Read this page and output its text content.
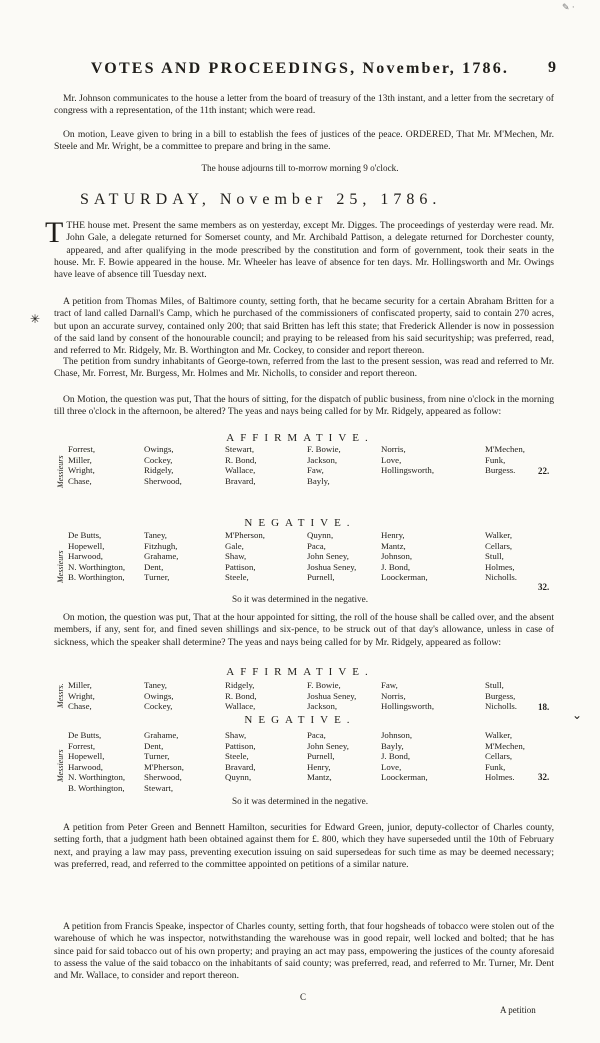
✎ ·
VOTES AND PROCEEDINGS, November, 1786.	9
Mr. Johnson communicates to the house a letter from the board of treasury of the 13th instant, and a letter from the secretary of congress with a representation, of the 11th instant; which were read.
On motion, Leave given to bring in a bill to establish the fees of justices of the peace. ORDERED, That Mr. M'Mechen, Mr. Steele and Mr. Wright, be a committee to prepare and bring in the same.
The house adjourns till to-morrow morning 9 o'clock.
SATURDAY, November 25, 1786.
TTHE house met. Present the same members as on yesterday, except Mr. Digges. The proceedings of yesterday were read. Mr. John Gale, a delegate returned for Somerset county, and Mr. Archibald Pattison, a delegate returned for Dorchester county, appeared, and after qualifying in the mode prescribed by the constitution and form of government, took their seats in the house. Mr. F. Bowie appeared in the house. Mr. Wheeler has leave of absence for ten days. Mr. Hollingsworth and Mr. Owings have leave of absence till Tuesday next.
A petition from Thomas Miles, of Baltimore county, setting forth, that he became security for a certain Abraham Britten for a tract of land called Darnall's Camp, which he purchased of the commissioners of confiscated property, said to contain 270 acres, but upon an accurate survey, contained only 200; that said Britten has left this state; that Frederick Allender is now in possession of the said land by consent of the honourable council; and praying to be released from his said securityship; was preferred, read, and referred to Mr. Ridgely, Mr. B. Worthington and Mr. Cockey, to consider and report thereon.
The petition from sundry inhabitants of George-town, referred from the last to the present session, was read and referred to Mr. Chase, Mr. Forrest, Mr. Burgess, Mr. Holmes and Mr. Nicholls, to consider and report thereon.
On Motion, the question was put, That the hours of sitting, for the dispatch of public business, from nine o'clock in the morning till three o'clock in the afternoon, be altered? The yeas and nays being called for by Mr. Ridgely, appeared as follow:
AFFIRMATIVE.
Messieurs
Forrest,	Owings,	Stewart,	F. Bowie,	Norris,	M'Mechen,
Miller,	Cockey,	R. Bond,	Jackson,	Love,	Funk,
Wright,	Ridgely,	Wallace,	Faw,	Hollingsworth,	Burgess.
Chase,	Sherwood,	Bravard,	Bayly,		
22.
NEGATIVE.
Messieurs
De Butts,	Taney,	M'Pherson,	Quynn,	Henry,	Walker,
Hopewell,	Fitzhugh,	Gale,	Paca,	Mantz,	Cellars,
Harwood,	Grahame,	Shaw,	John Seney,	Johnson,	Stull,
N. Worthington,	Dent,	Pattison,	Joshua Seney,	J. Bond,	Holmes,
B. Worthington,	Turner,	Steele,	Purnell,	Loockerman,	Nicholls.
32.
So it was determined in the negative.
On motion, the question was put, That at the hour appointed for sitting, the roll of the house shall be called over, and the absent members, if any, sent for, and fined seven shillings and six-pence, to be struck out of that day's allowance, unless in case of sickness, which the speaker shall determine? The yeas and nays being called for by Mr. Ridgely, appeared as follow:
AFFIRMATIVE.
Messrs. Miller,	Taney,	Ridgely,	F. Bowie,	Faw,	Stull,
Wright,	Owings,	R. Bond,	Joshua Seney,	Norris,	Burgess,
Chase,	Cockey,	Wallace,	Jackson,	Hollingsworth,	Nicholls. 18.
NEGATIVE.
Messieurs
De Butts,	Grahame,	Shaw,	Paca,	Johnson,	Walker,
Forrest,	Dent,	Pattison,	John Seney,	Bayly,	M'Mechen,
Hopewell,	Turner,	Steele,	Purnell,	J. Bond,	Cellars,
Harwood,	M'Pherson,	Bravard,	Henry,	Love,	Funk,
N. Worthington,	Sherwood,	Quynn,	Mantz,	Loockerman,	Holmes.
B. Worthington,	Stewart,				
32.
So it was determined in the negative.
A petition from Peter Green and Bennett Hamilton, securities for Edward Green, junior, deputy-collector of Charles county, setting forth, that a judgment hath been obtained against them for £. 800, which they have superseded until the 10th of February next, and praying a law may pass, preventing execution issuing on said supersedeas for such time as may be deemed necessary; was preferred, read, and referred to the committee appointed on petitions of a similar nature.
A petition from Francis Speake, inspector of Charles county, setting forth, that four hogsheads of tobacco were stolen out of the warehouse of which he was inspector, notwithstanding the warehouse was in good repair, well locked and bolted; that he has since paid for said tobacco out of his own property; and praying an act may pass, empowering the justices of the county aforesaid to assess the value of the said tobacco on the inhabitants of said county; was preferred, read, and referred to Mr. Turner, Mr. Dent and Mr. Wallace, to consider and report thereon.
C
A petition
✳
⌄
